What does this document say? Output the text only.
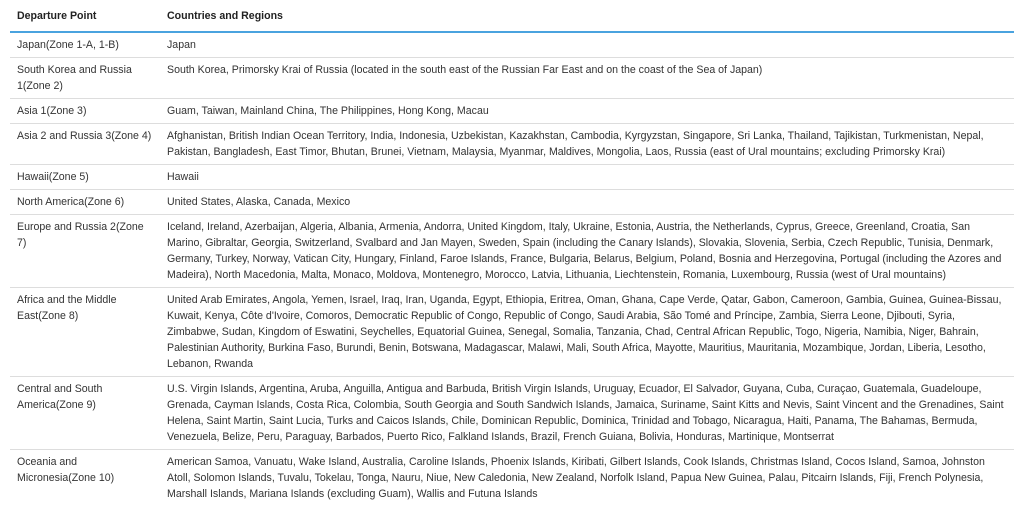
Departure Point	Countries and Regions
Japan(Zone 1-A, 1-B)	Japan
South Korea and Russia 1(Zone 2)	South Korea, Primorsky Krai of Russia (located in the south east of the Russian Far East and on the coast of the Sea of Japan)
Asia 1(Zone 3)	Guam, Taiwan, Mainland China, The Philippines, Hong Kong, Macau
Asia 2 and Russia 3(Zone 4)	Afghanistan, British Indian Ocean Territory, India, Indonesia, Uzbekistan, Kazakhstan, Cambodia, Kyrgyzstan, Singapore, Sri Lanka, Thailand, Tajikistan, Turkmenistan, Nepal, Pakistan, Bangladesh, East Timor, Bhutan, Brunei, Vietnam, Malaysia, Myanmar, Maldives, Mongolia, Laos, Russia (east of Ural mountains; excluding Primorsky Krai)
Hawaii(Zone 5)	Hawaii
North America(Zone 6)	United States, Alaska, Canada, Mexico
Europe and Russia 2(Zone 7)	Iceland, Ireland, Azerbaijan, Algeria, Albania, Armenia, Andorra, United Kingdom, Italy, Ukraine, Estonia, Austria, the Netherlands, Cyprus, Greece, Greenland, Croatia, San Marino, Gibraltar, Georgia, Switzerland, Svalbard and Jan Mayen, Sweden, Spain (including the Canary Islands), Slovakia, Slovenia, Serbia, Czech Republic, Tunisia, Denmark, Germany, Turkey, Norway, Vatican City, Hungary, Finland, Faroe Islands, France, Bulgaria, Belarus, Belgium, Poland, Bosnia and Herzegovina, Portugal (including the Azores and Madeira), North Macedonia, Malta, Monaco, Moldova, Montenegro, Morocco, Latvia, Lithuania, Liechtenstein, Romania, Luxembourg, Russia (west of Ural mountains)
Africa and the Middle East(Zone 8)	United Arab Emirates, Angola, Yemen, Israel, Iraq, Iran, Uganda, Egypt, Ethiopia, Eritrea, Oman, Ghana, Cape Verde, Qatar, Gabon, Cameroon, Gambia, Guinea, Guinea-Bissau, Kuwait, Kenya, Côte d'Ivoire, Comoros, Democratic Republic of Congo, Republic of Congo, Saudi Arabia, São Tomé and Príncipe, Zambia, Sierra Leone, Djibouti, Syria, Zimbabwe, Sudan, Kingdom of Eswatini, Seychelles, Equatorial Guinea, Senegal, Somalia, Tanzania, Chad, Central African Republic, Togo, Nigeria, Namibia, Niger, Bahrain, Palestinian Authority, Burkina Faso, Burundi, Benin, Botswana, Madagascar, Malawi, Mali, South Africa, Mayotte, Mauritius, Mauritania, Mozambique, Jordan, Liberia, Lesotho, Lebanon, Rwanda
Central and South America(Zone 9)	U.S. Virgin Islands, Argentina, Aruba, Anguilla, Antigua and Barbuda, British Virgin Islands, Uruguay, Ecuador, El Salvador, Guyana, Cuba, Curaçao, Guatemala, Guadeloupe, Grenada, Cayman Islands, Costa Rica, Colombia, South Georgia and South Sandwich Islands, Jamaica, Suriname, Saint Kitts and Nevis, Saint Vincent and the Grenadines, Saint Helena, Saint Martin, Saint Lucia, Turks and Caicos Islands, Chile, Dominican Republic, Dominica, Trinidad and Tobago, Nicaragua, Haiti, Panama, The Bahamas, Bermuda, Venezuela, Belize, Peru, Paraguay, Barbados, Puerto Rico, Falkland Islands, Brazil, French Guiana, Bolivia, Honduras, Martinique, Montserrat
Oceania and Micronesia(Zone 10)	American Samoa, Vanuatu, Wake Island, Australia, Caroline Islands, Phoenix Islands, Kiribati, Gilbert Islands, Cook Islands, Christmas Island, Cocos Island, Samoa, Johnston Atoll, Solomon Islands, Tuvalu, Tokelau, Tonga, Nauru, Niue, New Caledonia, New Zealand, Norfolk Island, Papua New Guinea, Palau, Pitcairn Islands, Fiji, French Polynesia, Marshall Islands, Mariana Islands (excluding Guam), Wallis and Futuna Islands
